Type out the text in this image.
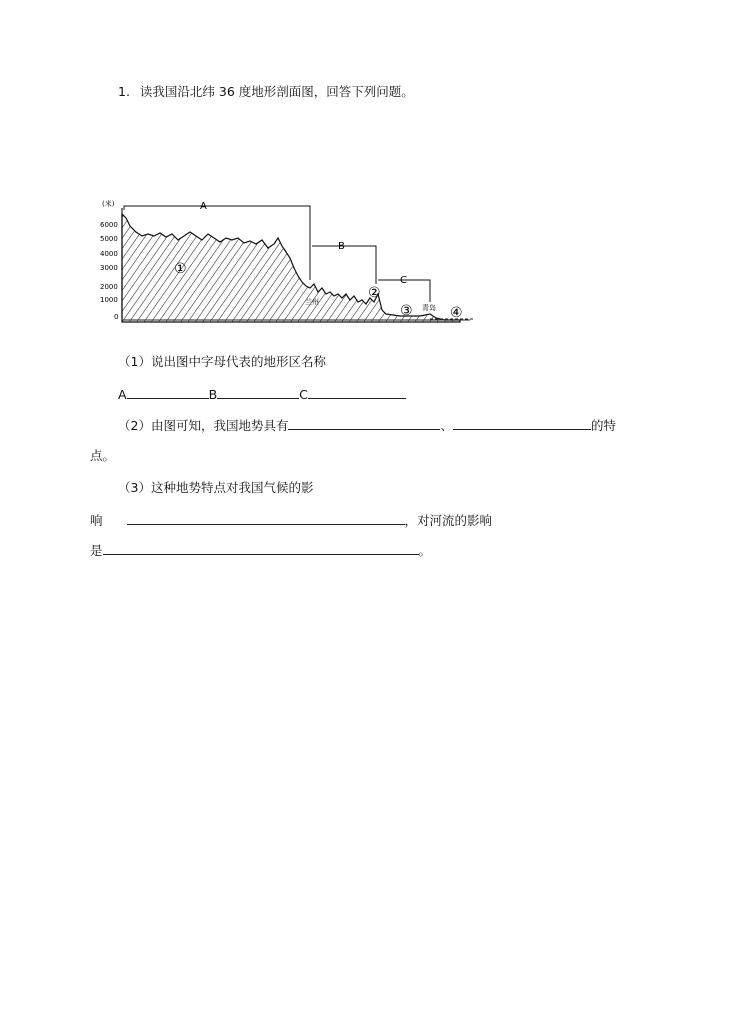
1. 读我国沿北纬 36 度地形剖面图，回答下列问题。
(米)
6000
5000
4000
3000
2000
1000
0
A
B
C
①
②
③	④
兰州
青岛
（1）说出图中字母代表的地形区名称
A	B	C
（2）由图可知，我国地势具有	、	的特
点。
（3）这种地势特点对我国气候的影
响	，对河流的影响
是	。
